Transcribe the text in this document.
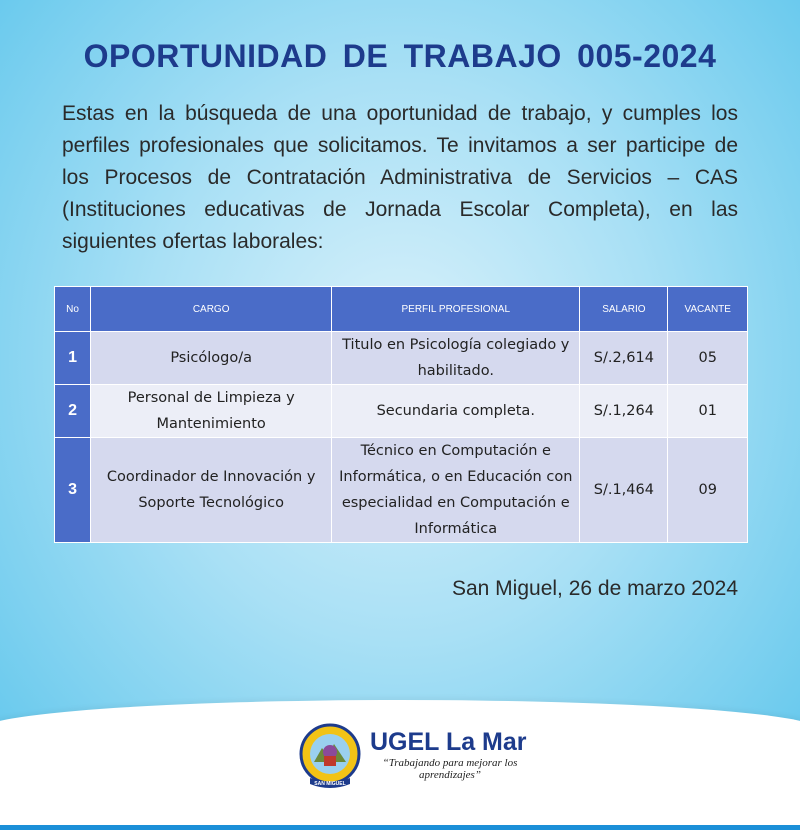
OPORTUNIDAD DE TRABAJO 005-2024
Estas en la búsqueda de una oportunidad de trabajo, y cumples los perfiles profesionales que solicitamos. Te invitamos a ser participe de los Procesos de Contratación Administrativa de Servicios – CAS (Instituciones educativas de Jornada Escolar Completa), en las siguientes ofertas laborales:
No	CARGO	PERFIL PROFESIONAL	SALARIO	VACANTE
1	Psicólogo/a	Titulo en Psicología colegiado y habilitado.	S/.2,614	05
2	Personal de Limpieza y Mantenimiento	Secundaria completa.	S/.1,264	01
3	Coordinador de Innovación y Soporte Tecnológico	Técnico en Computación e Informática, o en Educación con especialidad en Computación e Informática	S/.1,464	09
San Miguel, 26 de marzo 2024
SAN MIGUEL
UGEL La Mar
“Trabajando para mejorar los aprendizajes”
